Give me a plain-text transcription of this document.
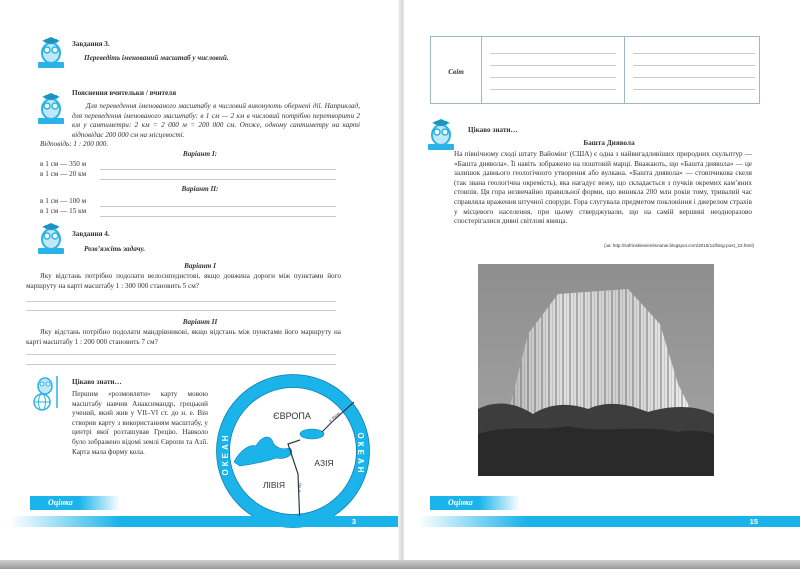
Завдання 3.
Переведіть іменований масштаб у числовий.
Пояснення вчительки / вчителя
Для переведення іменованого масштабу в числовий виконують обернені дії. Наприклад, для переведення іменованого масштабу: в 1 см — 2 км в числовий потрібно перетворити 2 км у сантиметри: 2 км = 2 000 м = 200 000 см. Отже, одному сантиметру на карті відповідає 200 000 см на місцевості.
Відповідь: 1 : 200 000.
Варіант I:
в 1 см — 350 м
в 1 см — 20 км
Варіант II:
в 1 см — 100 м
в 1 см — 15 км
Завдання 4.
Розв’яжіть задачу.
Варіант I
Яку відстань потрібно подолати велосипедистові, якщо довжина дороги між пунктами його маршруту на карті масштабу 1 : 300 000 становить 5 см?
Варіант II
Яку відстань потрібно подолати мандрівникові, якщо відстань між пунктами його маршруту на карті масштабу 1 : 200 000 становить 7 см?
Цікаво знати…
Першим «розмовляти» карту мовою масштабу навчив Анаксимандр, грецький учений, який жив у VII–VI ст. до н. е. Він створив карту з використанням масштабу, у центрі якої розташував Грецію. Навколо було зображено відомі землі Європи та Азії. Карта мала форму кола.
ЄВРОПА
АЗІЯ
ЛІВІЯ
р. Фазис
р. Ніл
ОКЕАН	ОКЕАН
Оцінка
3
Світ	

Цікаво знати…
Башта Диявола
На північному сході штату Вайомінг (США) є одна з найвигадливіших природних скульптур — «Башта диявола». Її навіть зображено на поштовій марці. Вважають, що «Башта диявола» — це залишок давнього геологічного утворення або вулкана. «Башта диявола» — стовпчикова скеля (так звана геологічна окремість), яка нагадує вежу, що складається з пучків окремих кам’яних стовпів. Ця гора незвичайно правильної форми, що виникла 200 млн років тому, тривалий час справляла враження штучної споруди. Гора слугувала предметом поклоніння і джерелом страхів у місцевого населення, при цьому стверджували, що на самій вершині неодноразово спостерігалися дивні світлові явища.
(за: http://sofrinskiesemitsnanie.blogspot.com/2015/12/blog-post_22.html)
Оцінка
15
